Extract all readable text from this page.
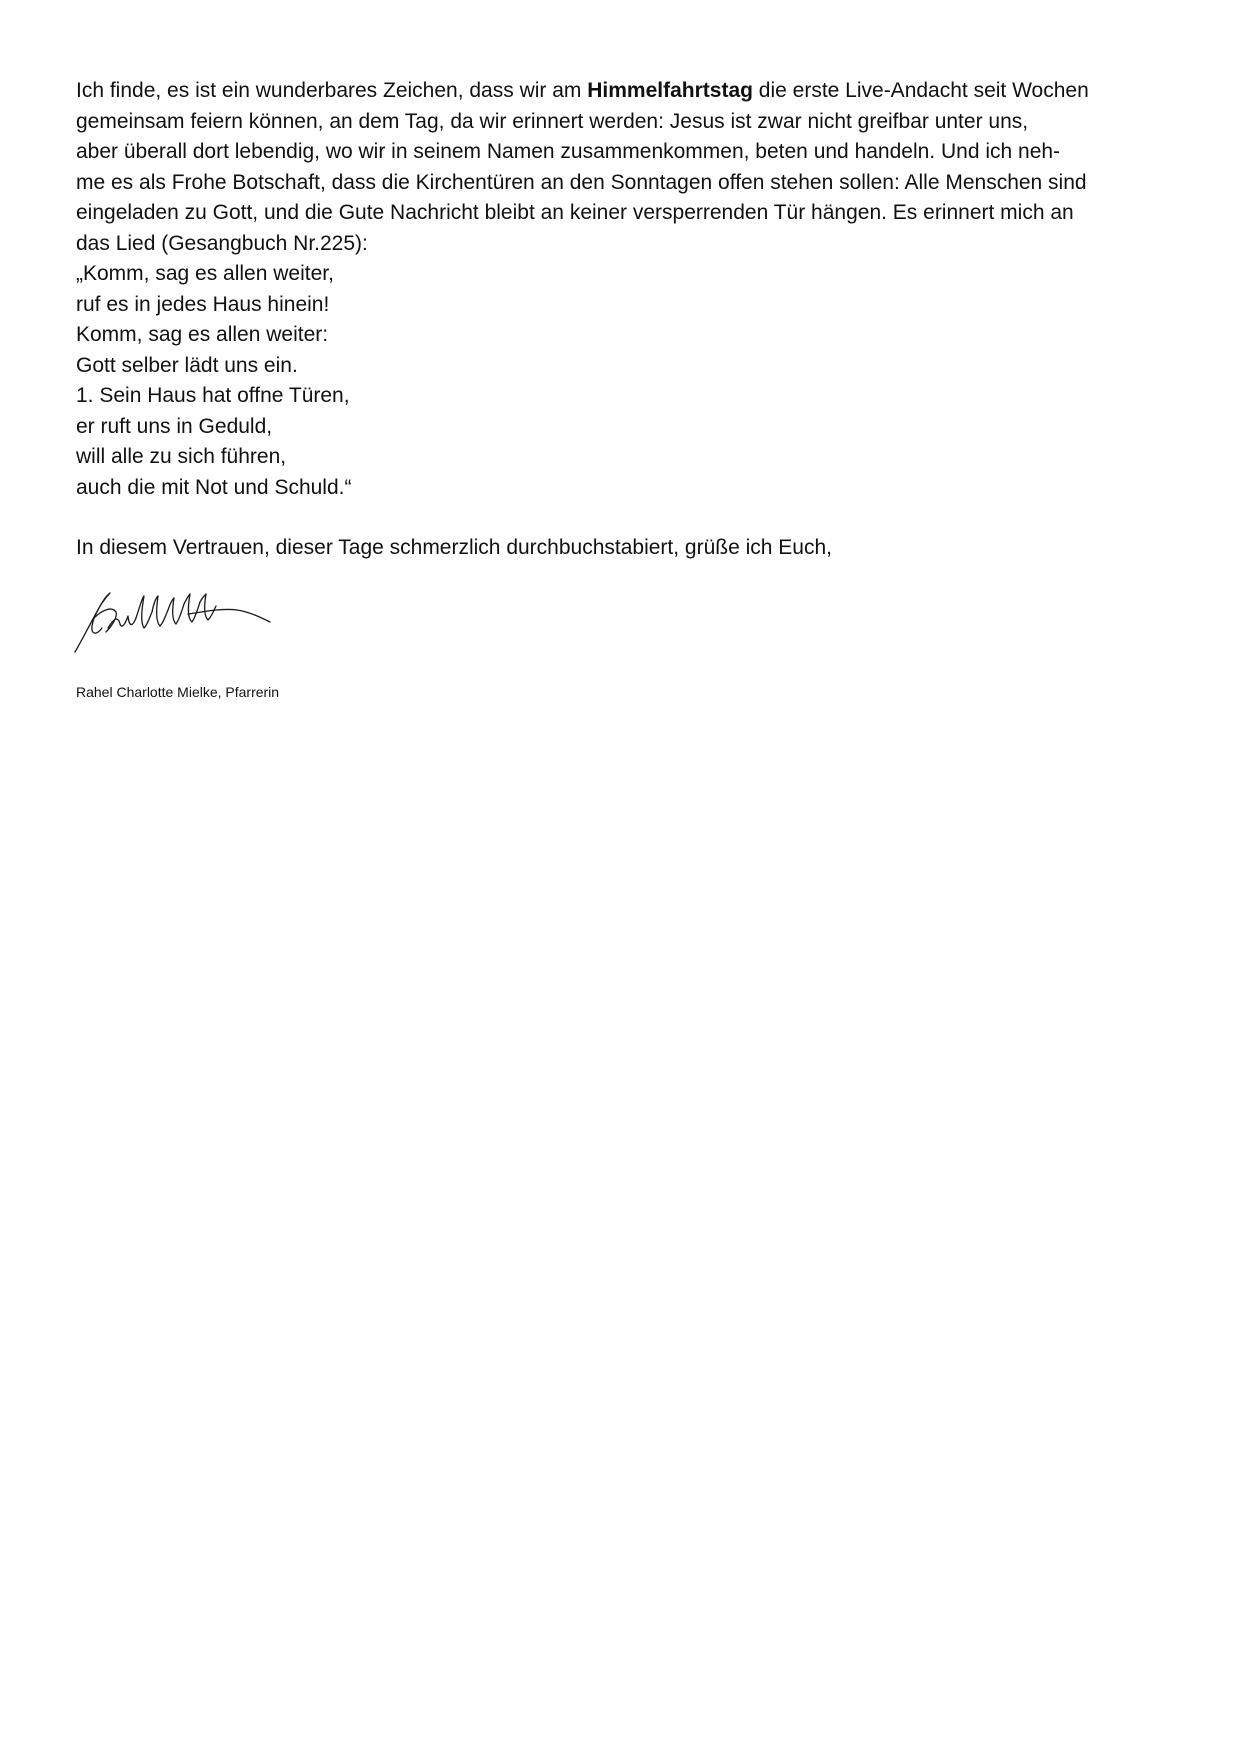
Ich finde, es ist ein wunderbares Zeichen, dass wir am Himmelfahrtstag die erste Live-Andacht seit Wochen

gemeinsam feiern können, an dem Tag, da wir erinnert werden: Jesus ist zwar nicht greifbar unter uns,

aber überall dort lebendig, wo wir in seinem Namen zusammenkommen, beten und handeln. Und ich neh-

me es als Frohe Botschaft, dass die Kirchentüren an den Sonntagen offen stehen sollen: Alle Menschen sind

eingeladen zu Gott, und die Gute Nachricht bleibt an keiner versperrenden Tür hängen. Es erinnert mich an

das Lied (Gesangbuch Nr.225):

„Komm, sag es allen weiter,

ruf es in jedes Haus hinein!

Komm, sag es allen weiter:

Gott selber lädt uns ein.

1. Sein Haus hat offne Türen,

er ruft uns in Geduld,

will alle zu sich führen,

auch die mit Not und Schuld.“

In diesem Vertrauen, dieser Tage schmerzlich durchbuchstabiert, grüße ich Euch,

Rahel Charlotte Mielke, Pfarrerin
